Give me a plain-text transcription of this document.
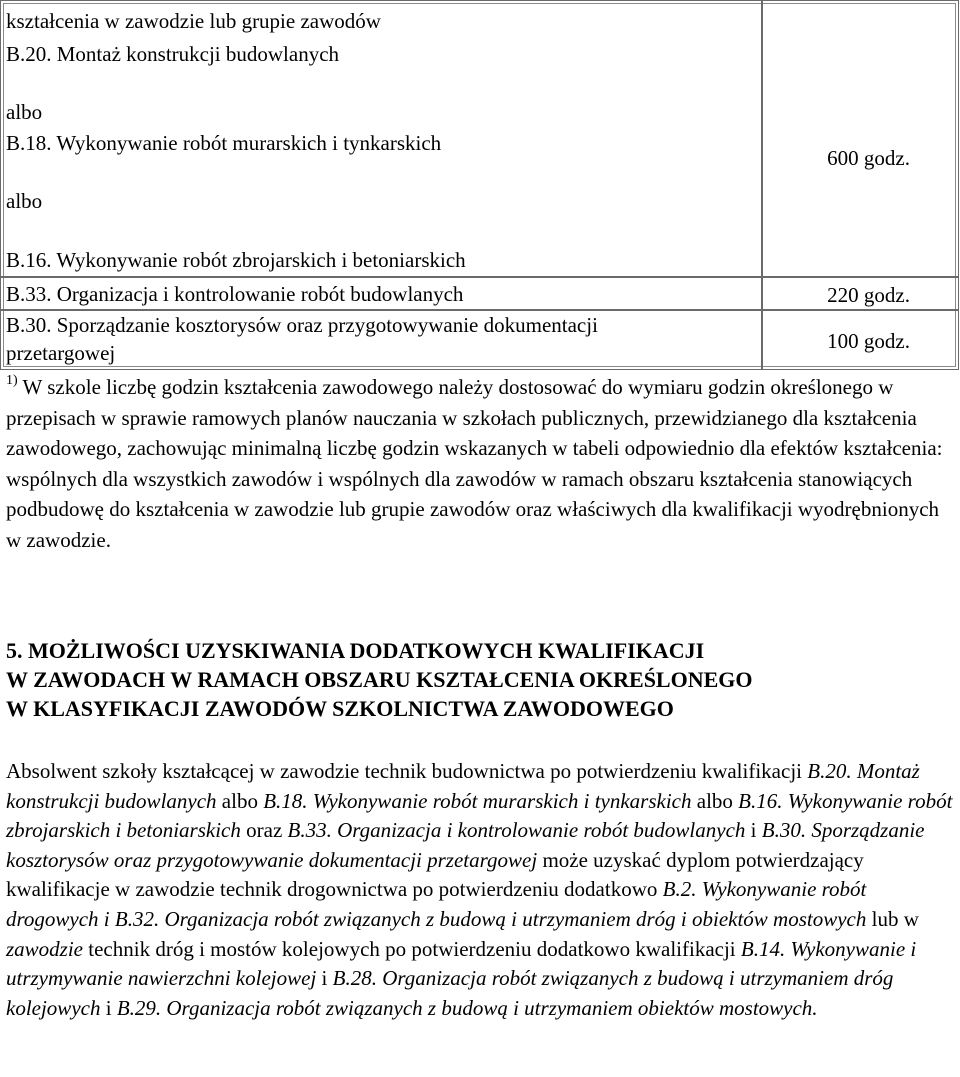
kształcenia w zawodzie lub grupie zawodów
B.20. Montaż konstrukcji budowlanych
albo
B.18. Wykonywanie robót murarskich i tynkarskich
albo
B.16. Wykonywanie robót zbrojarskich i betoniarskich
600 godz.
B.33. Organizacja i kontrolowanie robót budowlanych	220 godz.
B.30. Sporządzanie kosztorysów oraz przygotowywanie dokumentacji
przetargowej	100 godz.
$^{1)}$ W szkole liczbę godzin kształcenia zawodowego należy dostosować do wymiaru godzin określonego w przepisach w sprawie ramowych planów nauczania w szkołach publicznych, przewidzianego dla kształcenia zawodowego, zachowując minimalną liczbę godzin wskazanych w tabeli odpowiednio dla efektów kształcenia: wspólnych dla wszystkich zawodów i wspólnych dla zawodów w ramach obszaru kształcenia stanowiących podbudowę do kształcenia w zawodzie lub grupie zawodów oraz właściwych dla kwalifikacji wyodrębnionych w zawodzie.
5. MOŻLIWOŚCI UZYSKIWANIA DODATKOWYCH KWALIFIKACJI
W ZAWODACH W RAMACH OBSZARU KSZTAŁCENIA OKREŚLONEGO
W KLASYFIKACJI ZAWODÓW SZKOLNICTWA ZAWODOWEGO
Absolwent szkoły kształcącej w zawodzie technik budownictwa po potwierdzeniu kwalifikacji B.20. Montaż konstrukcji budowlanych albo B.18. Wykonywanie robót murarskich i tynkarskich albo B.16. Wykonywanie robót zbrojarskich i betoniarskich oraz B.33. Organizacja i kontrolowanie robót budowlanych i B.30. Sporządzanie kosztorysów oraz przygotowywanie dokumentacji przetargowej może uzyskać dyplom potwierdzający kwalifikacje w zawodzie technik drogownictwa po potwierdzeniu dodatkowo B.2. Wykonywanie robót drogowych i B.32. Organizacja robót związanych z budową i utrzymaniem dróg i obiektów mostowych lub w zawodzie technik dróg i mostów kolejowych po potwierdzeniu dodatkowo kwalifikacji B.14. Wykonywanie i utrzymywanie nawierzchni kolejowej i B.28. Organizacja robót związanych z budową i utrzymaniem dróg kolejowych i B.29. Organizacja robót związanych z budową i utrzymaniem obiektów mostowych.
